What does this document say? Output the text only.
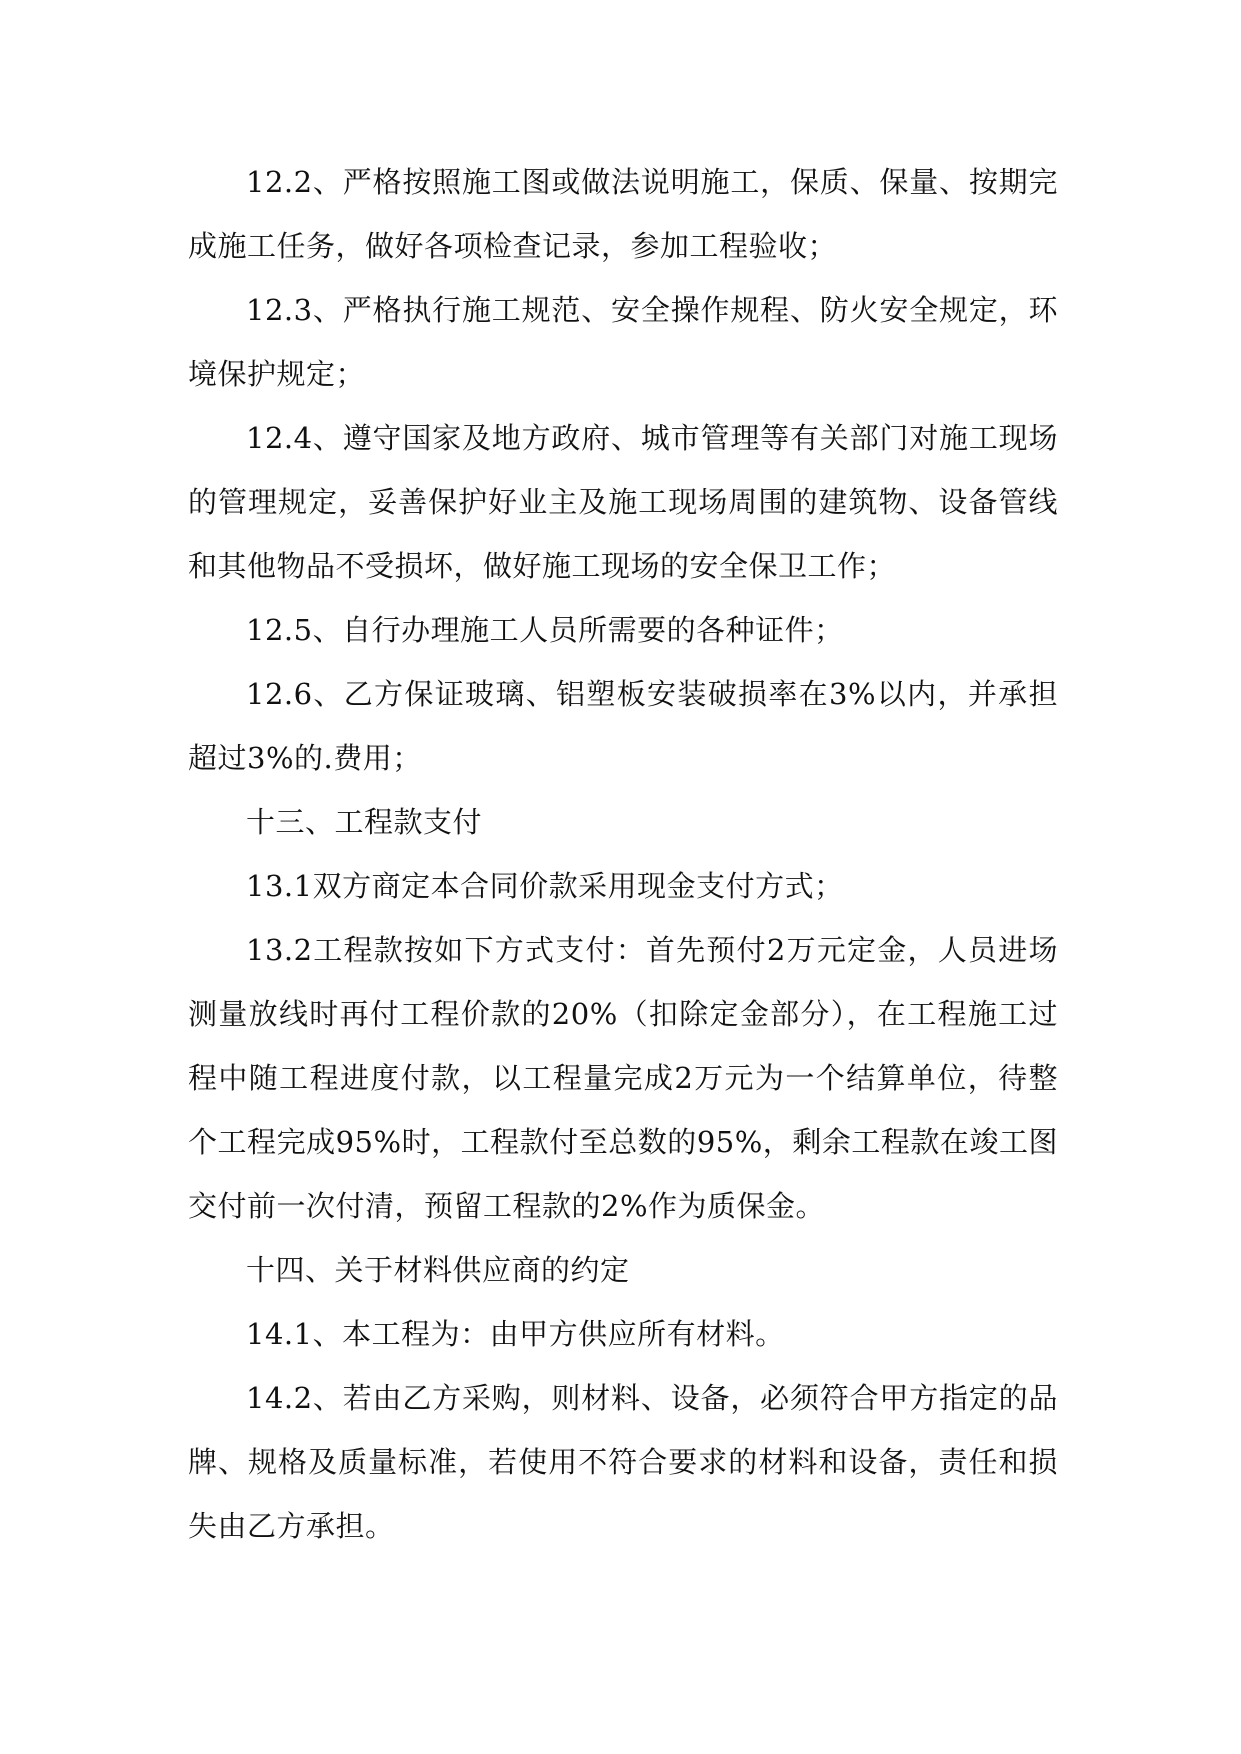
12.2、严格按照施工图或做法说明施工，保质、保量、按期完成施工任务，做好各项检查记录，参加工程验收；

12.3、严格执行施工规范、安全操作规程、防火安全规定，环境保护规定；

12.4、遵守国家及地方政府、城市管理等有关部门对施工现场的管理规定，妥善保护好业主及施工现场周围的建筑物、设备管线和其他物品不受损坏，做好施工现场的安全保卫工作；

12.5、自行办理施工人员所需要的各种证件；

12.6、乙方保证玻璃、铝塑板安装破损率在3%以内，并承担超过3%的.费用；

十三、工程款支付

13.1双方商定本合同价款采用现金支付方式；

13.2工程款按如下方式支付：首先预付2万元定金，人员进场测量放线时再付工程价款的20%（扣除定金部分），在工程施工过程中随工程进度付款，以工程量完成2万元为一个结算单位，待整个工程完成95%时，工程款付至总数的95%，剩余工程款在竣工图交付前一次付清，预留工程款的2%作为质保金。

十四、关于材料供应商的约定

14.1、本工程为：由甲方供应所有材料。

14.2、若由乙方采购，则材料、设备，必须符合甲方指定的品牌、规格及质量标准，若使用不符合要求的材料和设备，责任和损失由乙方承担。
